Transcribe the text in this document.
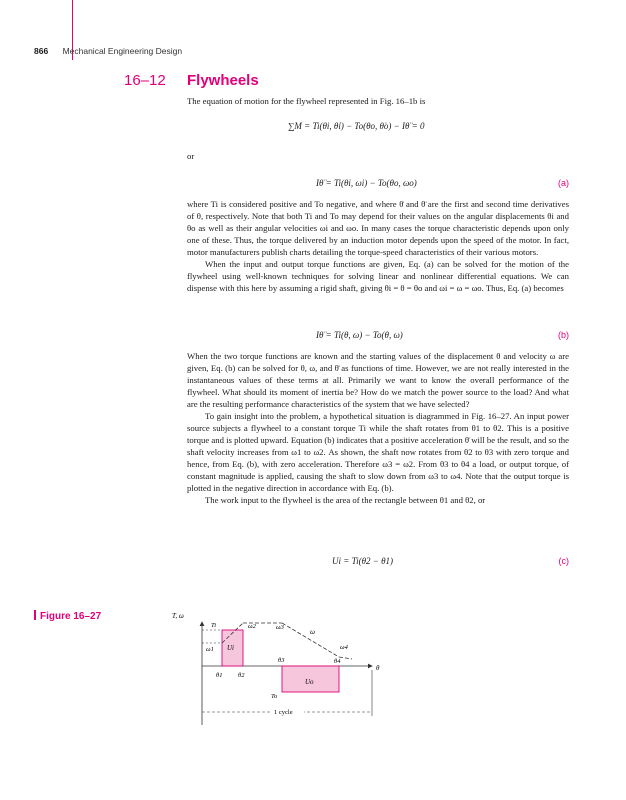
866 Mechanical Engineering Design
16–12 Flywheels
The equation of motion for the flywheel represented in Fig. 16–1b is
∑M = Ti(θi, θ̇i) − To(θo, θ̇o) − Iθ̈ = 0
or
Iθ̈ = Ti(θi, ωi) − To(θo, ωo)	(a)

where Ti is considered positive and To negative, and where θ̇ and θ̈ are the first and second time derivatives of θ, respectively. Note that both Ti and To may depend for their values on the angular displacements θi and θo as well as their angular velocities ωi and ωo. In many cases the torque characteristic depends upon only one of these. Thus, the torque delivered by an induction motor depends upon the speed of the motor. In fact, motor manufacturers publish charts detailing the torque-speed characteristics of their various motors.

When the input and output torque functions are given, Eq. (a) can be solved for the motion of the flywheel using well-known techniques for solving linear and nonlinear differential equations. We can dispense with this here by assuming a rigid shaft, giving θi = θ = θo and ωi = ω = ωo. Thus, Eq. (a) becomes

Iθ̈ = Ti(θ, ω) − To(θ, ω)	(b)

When the two torque functions are known and the starting values of the displacement θ and velocity ω are given, Eq. (b) can be solved for θ, ω, and θ̈ as functions of time. However, we are not really interested in the instantaneous values of these terms at all. Primarily we want to know the overall performance of the flywheel. What should its moment of inertia be? How do we match the power source to the load? And what are the resulting performance characteristics of the system that we have selected?

To gain insight into the problem, a hypothetical situation is diagrammed in Fig. 16–27. An input power source subjects a flywheel to a constant torque Ti while the shaft rotates from θ1 to θ2. This is a positive torque and is plotted upward. Equation (b) indicates that a positive acceleration θ̈ will be the result, and so the shaft velocity increases from ω1 to ω2. As shown, the shaft now rotates from θ2 to θ3 with zero torque and hence, from Eq. (b), with zero acceleration. Therefore ω3 = ω2. From θ3 to θ4 a load, or output torque, of constant magnitude is applied, causing the shaft to slow down from ω3 to ω4. Note that the output torque is plotted in the negative direction in accordance with Eq. (b).

The work input to the flywheel is the area of the rectangle between θ1 and θ2, or

Ui = Ti(θ2 − θ1)	(c)
Figure 16–27	T, ω
θ
Ti
ω1 Ui
ω2	ω3
ω
ω4
θ3	θ4
θ1 θ2
Uo
To
1 cycle
